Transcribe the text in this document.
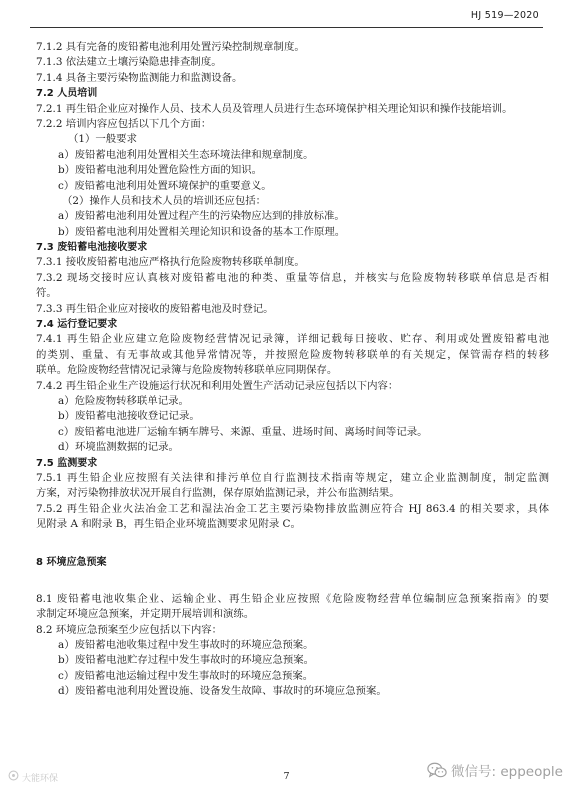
HJ 519—2020
7.1.2 具有完备的废铅蓄电池利用处置污染控制规章制度。
7.1.3 依法建立土壤污染隐患排查制度。
7.1.4 具备主要污染物监测能力和监测设备。
7.2 人员培训
7.2.1 再生铅企业应对操作人员、技术人员及管理人员进行生态环境保护相关理论知识和操作技能培训。
7.2.2 培训内容应包括以下几个方面：
（1）一般要求
a）废铅蓄电池利用处置相关生态环境法律和规章制度。
b）废铅蓄电池利用处置危险性方面的知识。
c）废铅蓄电池利用处置环境保护的重要意义。
（2）操作人员和技术人员的培训还应包括：
a）废铅蓄电池利用处置过程产生的污染物应达到的排放标准。
b）废铅蓄电池利用处置相关理论知识和设备的基本工作原理。
7.3 废铅蓄电池接收要求
7.3.1 接收废铅蓄电池应严格执行危险废物转移联单制度。
7.3.2 现场交接时应认真核对废铅蓄电池的种类、重量等信息，并核实与危险废物转移联单信息是否相
符。
7.3.3 再生铅企业应对接收的废铅蓄电池及时登记。
7.4 运行登记要求
7.4.1 再生铅企业应建立危险废物经营情况记录簿，详细记载每日接收、贮存、利用或处置废铅蓄电池
的类别、重量、有无事故或其他异常情况等，并按照危险废物转移联单的有关规定，保管需存档的转移
联单。危险废物经营情况记录簿与危险废物转移联单应同期保存。
7.4.2 再生铅企业生产设施运行状况和利用处置生产活动记录应包括以下内容：
a）危险废物转移联单记录。
b）废铅蓄电池接收登记记录。
c）废铅蓄电池进厂运输车辆车牌号、来源、重量、进场时间、离场时间等记录。
d）环境监测数据的记录。
7.5 监测要求
7.5.1 再生铅企业应按照有关法律和排污单位自行监测技术指南等规定，建立企业监测制度，制定监测
方案，对污染物排放状况开展自行监测，保存原始监测记录，并公布监测结果。
7.5.2 再生铅企业火法冶金工艺和湿法冶金工艺主要污染物排放监测应符合 HJ 863.4 的相关要求，具体
见附录 A 和附录 B，再生铅企业环境监测要求见附录 C。
8 环境应急预案
8.1 废铅蓄电池收集企业、运输企业、再生铅企业应按照《危险废物经营单位编制应急预案指南》的要
求制定环境应急预案，并定期开展培训和演练。
8.2 环境应急预案至少应包括以下内容：
a）废铅蓄电池收集过程中发生事故时的环境应急预案。
b）废铅蓄电池贮存过程中发生事故时的环境应急预案。
c）废铅蓄电池运输过程中发生事故时的环境应急预案。
d）废铅蓄电池利用处置设施、设备发生故障、事故时的环境应急预案。
7
大能环保	微信号: eppeople
